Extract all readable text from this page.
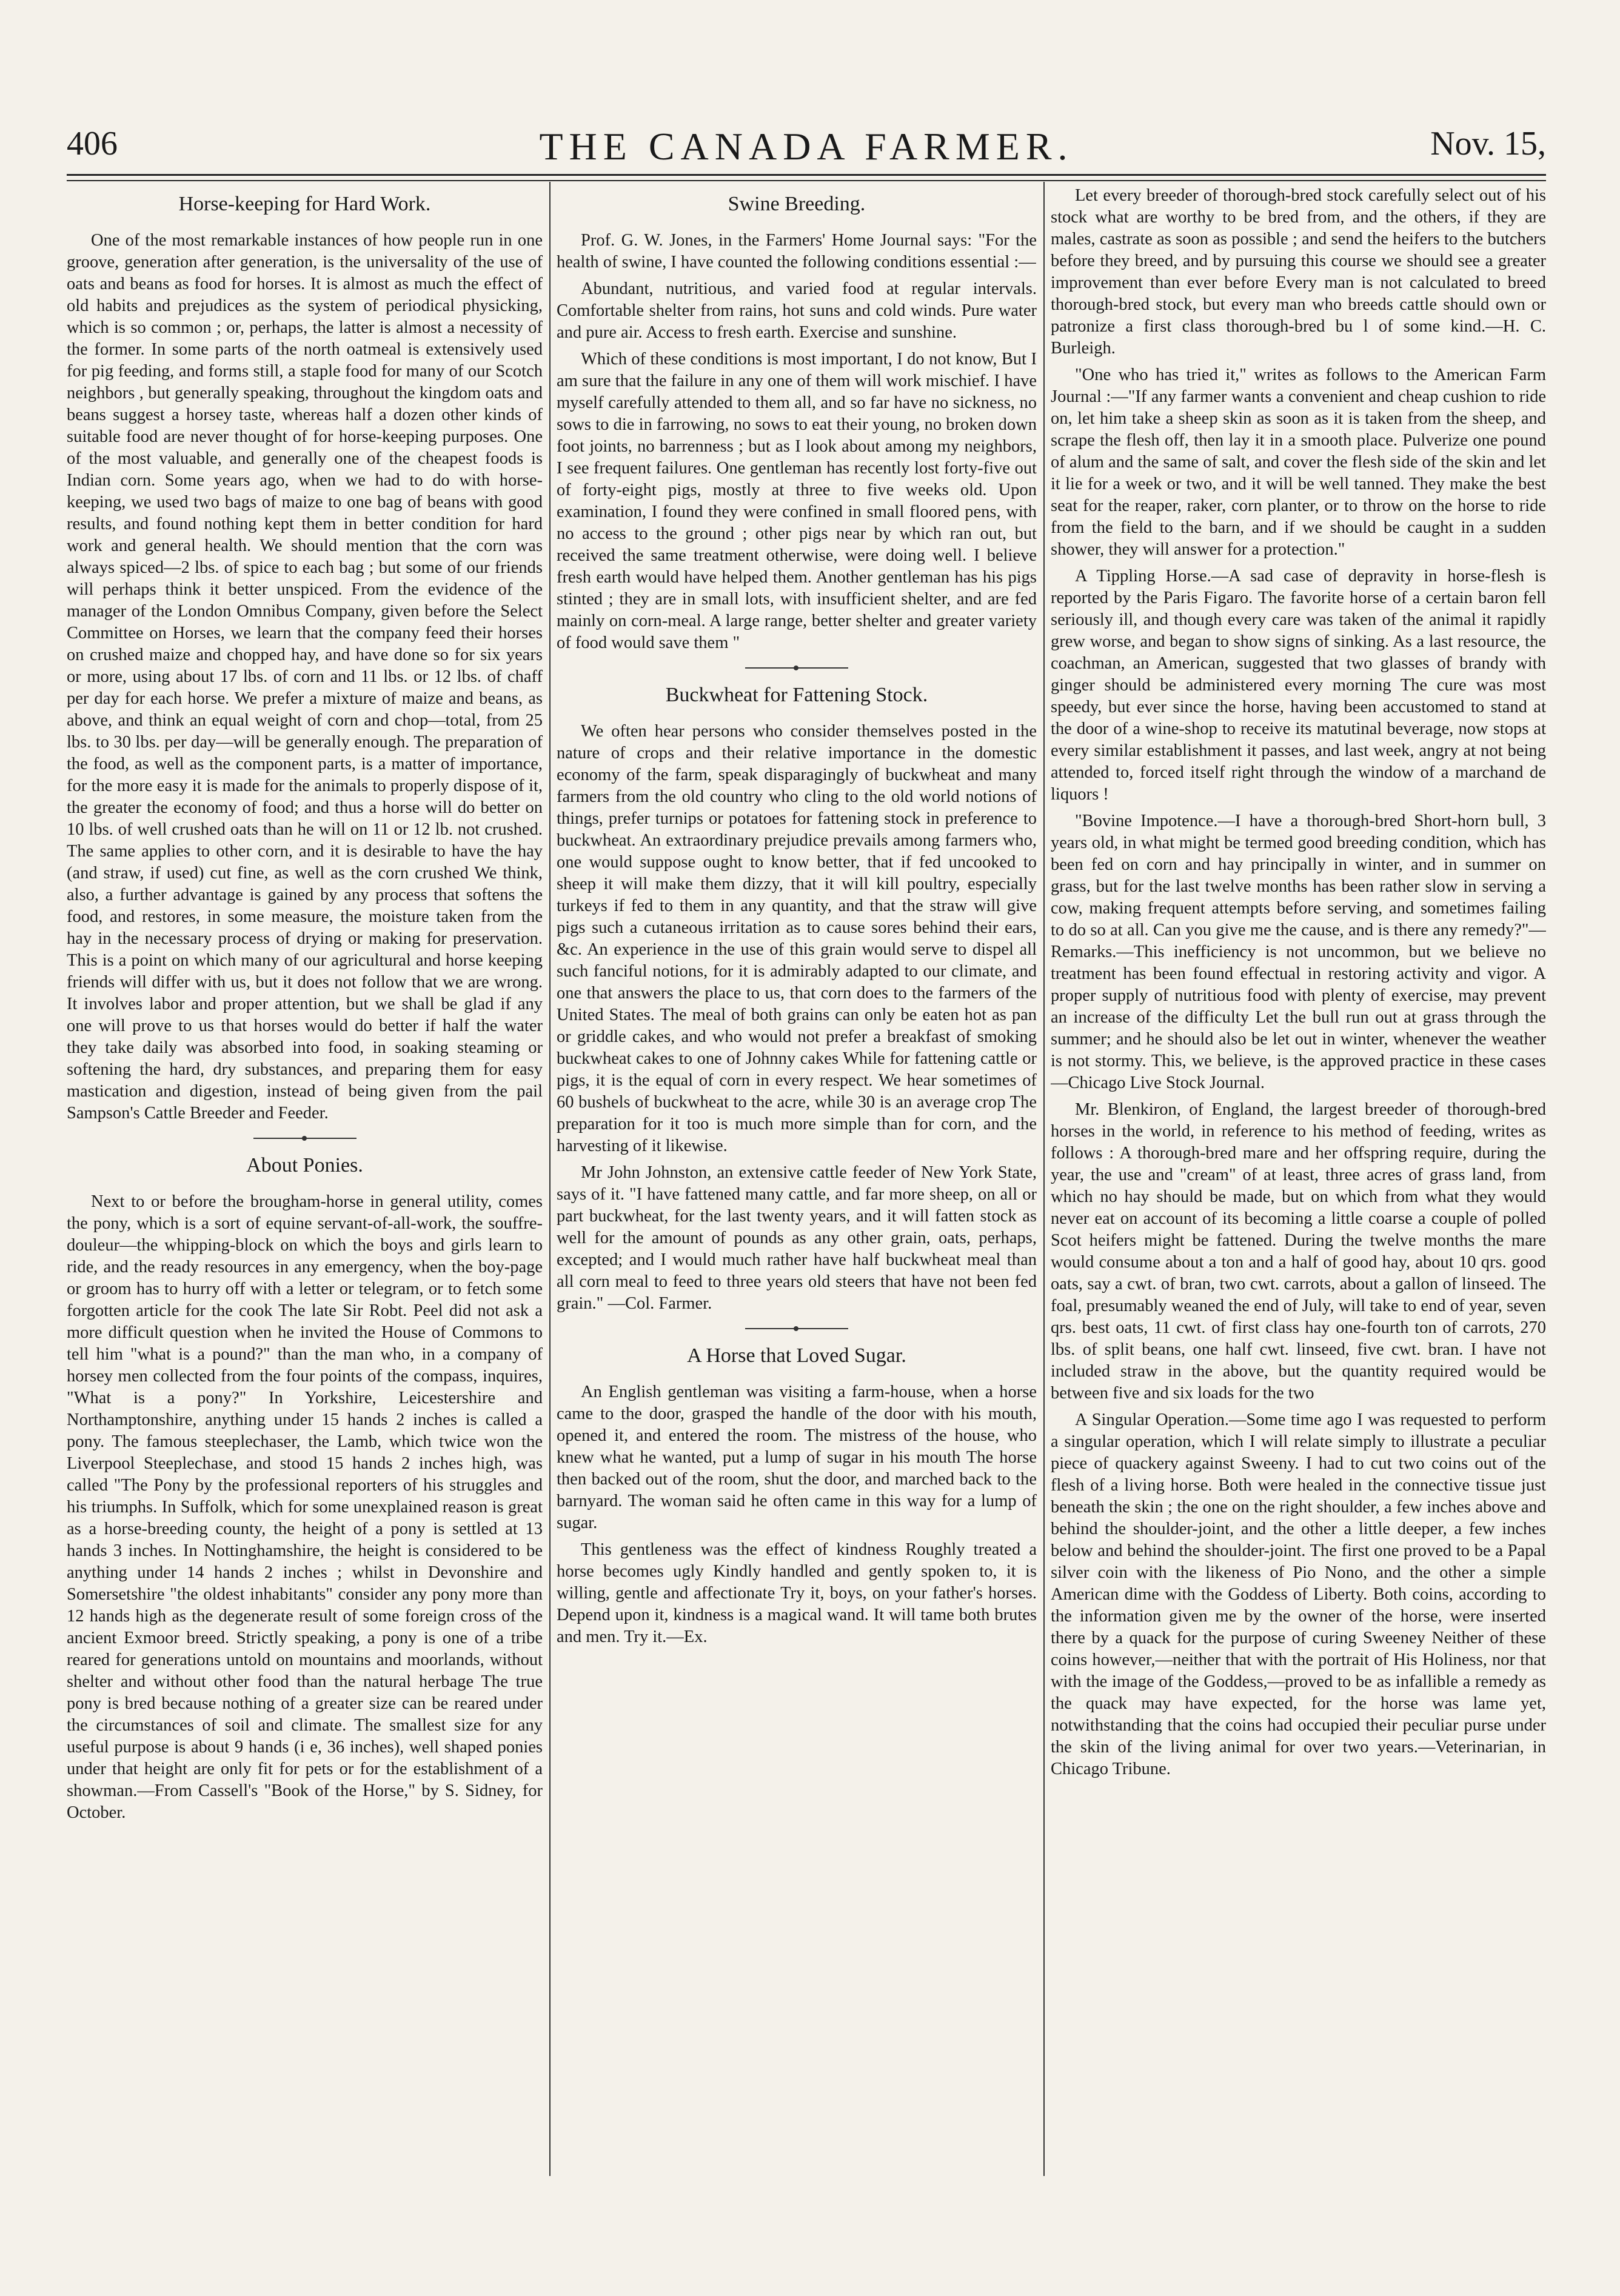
406	THE CANADA FARMER.	Nov. 15,
Horse-keeping for Hard Work.

One of the most remarkable instances of how people run in one groove, generation after generation, is the universality of the use of oats and beans as food for horses. It is almost as much the effect of old habits and prejudices as the system of periodical physicking, which is so common ; or, perhaps, the latter is almost a necessity of the former. In some parts of the north oatmeal is extensively used for pig feeding, and forms still, a staple food for many of our Scotch neighbors , but generally speaking, throughout the kingdom oats and beans suggest a horsey taste, whereas half a dozen other kinds of suitable food are never thought of for horse-keeping purposes. One of the most valuable, and generally one of the cheapest foods is Indian corn. Some years ago, when we had to do with horse-keeping, we used two bags of maize to one bag of beans with good results, and found nothing kept them in better condition for hard work and general health. We should mention that the corn was always spiced—2 lbs. of spice to each bag ; but some of our friends will perhaps think it better unspiced. From the evidence of the manager of the London Omnibus Company, given before the Select Committee on Horses, we learn that the company feed their horses on crushed maize and chopped hay, and have done so for six years or more, using about 17 lbs. of corn and 11 lbs. or 12 lbs. of chaff per day for each horse. We prefer a mixture of maize and beans, as above, and think an equal weight of corn and chop—total, from 25 lbs. to 30 lbs. per day—will be generally enough. The preparation of the food, as well as the component parts, is a matter of importance, for the more easy it is made for the animals to properly dispose of it, the greater the economy of food; and thus a horse will do better on 10 lbs. of well crushed oats than he will on 11 or 12 lb. not crushed. The same applies to other corn, and it is desirable to have the hay (and straw, if used) cut fine, as well as the corn crushed We think, also, a further advantage is gained by any process that softens the food, and restores, in some measure, the moisture taken from the hay in the necessary process of drying or making for preservation. This is a point on which many of our agricultural and horse keeping friends will differ with us, but it does not follow that we are wrong. It involves labor and proper attention, but we shall be glad if any one will prove to us that horses would do better if half the water they take daily was absorbed into food, in soaking steaming or softening the hard, dry substances, and preparing them for easy mastication and digestion, instead of being given from the pail Sampson's Cattle Breeder and Feeder.

About Ponies.

Next to or before the brougham-horse in general utility, comes the pony, which is a sort of equine servant-of-all-work, the souffre-douleur—the whipping-block on which the boys and girls learn to ride, and the ready resources in any emergency, when the boy-page or groom has to hurry off with a letter or telegram, or to fetch some forgotten article for the cook The late Sir Robt. Peel did not ask a more difficult question when he invited the House of Commons to tell him "what is a pound?" than the man who, in a company of horsey men collected from the four points of the compass, inquires, "What is a pony?" In Yorkshire, Leicestershire and Northamptonshire, anything under 15 hands 2 inches is called a pony. The famous steeplechaser, the Lamb, which twice won the Liverpool Steeplechase, and stood 15 hands 2 inches high, was called "The Pony by the professional reporters of his struggles and his triumphs. In Suffolk, which for some unexplained reason is great as a horse-breeding county, the height of a pony is settled at 13 hands 3 inches. In Nottinghamshire, the height is considered to be anything under 14 hands 2 inches ; whilst in Devonshire and Somersetshire "the oldest inhabitants" consider any pony more than 12 hands high as the degenerate result of some foreign cross of the ancient Exmoor breed. Strictly speaking, a pony is one of a tribe reared for generations untold on mountains and moorlands, without shelter and without other food than the natural herbage The true pony is bred because nothing of a greater size can be reared under the circumstances of soil and climate. The smallest size for any useful purpose is about 9 hands (i e, 36 inches), well shaped ponies under that height are only fit for pets or for the establishment of a showman.—From Cassell's "Book of the Horse," by S. Sidney, for October.

Swine Breeding.

Prof. G. W. Jones, in the Farmers' Home Journal says: "For the health of swine, I have counted the following conditions essential :—

Abundant, nutritious, and varied food at regular intervals. Comfortable shelter from rains, hot suns and cold winds. Pure water and pure air. Access to fresh earth. Exercise and sunshine.

Which of these conditions is most important, I do not know, But I am sure that the failure in any one of them will work mischief. I have myself carefully attended to them all, and so far have no sickness, no sows to die in farrowing, no sows to eat their young, no broken down foot joints, no barrenness ; but as I look about among my neighbors, I see frequent failures. One gentleman has recently lost forty-five out of forty-eight pigs, mostly at three to five weeks old. Upon examination, I found they were confined in small floored pens, with no access to the ground ; other pigs near by which ran out, but received the same treatment otherwise, were doing well. I believe fresh earth would have helped them. Another gentleman has his pigs stinted ; they are in small lots, with insufficient shelter, and are fed mainly on corn-meal. A large range, better shelter and greater variety of food would save them "

Buckwheat for Fattening Stock.

We often hear persons who consider themselves posted in the nature of crops and their relative importance in the domestic economy of the farm, speak disparagingly of buckwheat and many farmers from the old country who cling to the old world notions of things, prefer turnips or potatoes for fattening stock in preference to buckwheat. An extraordinary prejudice prevails among farmers who, one would suppose ought to know better, that if fed uncooked to sheep it will make them dizzy, that it will kill poultry, especially turkeys if fed to them in any quantity, and that the straw will give pigs such a cutaneous irritation as to cause sores behind their ears, &c. An experience in the use of this grain would serve to dispel all such fanciful notions, for it is admirably adapted to our climate, and one that answers the place to us, that corn does to the farmers of the United States. The meal of both grains can only be eaten hot as pan or griddle cakes, and who would not prefer a breakfast of smoking buckwheat cakes to one of Johnny cakes While for fattening cattle or pigs, it is the equal of corn in every respect. We hear sometimes of 60 bushels of buckwheat to the acre, while 30 is an average crop The preparation for it too is much more simple than for corn, and the harvesting of it likewise.

Mr John Johnston, an extensive cattle feeder of New York State, says of it. "I have fattened many cattle, and far more sheep, on all or part buckwheat, for the last twenty years, and it will fatten stock as well for the amount of pounds as any other grain, oats, perhaps, excepted; and I would much rather have half buckwheat meal than all corn meal to feed to three years old steers that have not been fed grain." —Col. Farmer.

A Horse that Loved Sugar.

An English gentleman was visiting a farm-house, when a horse came to the door, grasped the handle of the door with his mouth, opened it, and entered the room. The mistress of the house, who knew what he wanted, put a lump of sugar in his mouth The horse then backed out of the room, shut the door, and marched back to the barnyard. The woman said he often came in this way for a lump of sugar.

This gentleness was the effect of kindness Roughly treated a horse becomes ugly Kindly handled and gently spoken to, it is willing, gentle and affectionate Try it, boys, on your father's horses. Depend upon it, kindness is a magical wand. It will tame both brutes and men. Try it.—Ex.

Let every breeder of thorough-bred stock carefully select out of his stock what are worthy to be bred from, and the others, if they are males, castrate as soon as possible ; and send the heifers to the butchers before they breed, and by pursuing this course we should see a greater improvement than ever before Every man is not calculated to breed thorough-bred stock, but every man who breeds cattle should own or patronize a first class thorough-bred bu l of some kind.—H. C. Burleigh.

"One who has tried it," writes as follows to the American Farm Journal :—"If any farmer wants a convenient and cheap cushion to ride on, let him take a sheep skin as soon as it is taken from the sheep, and scrape the flesh off, then lay it in a smooth place. Pulverize one pound of alum and the same of salt, and cover the flesh side of the skin and let it lie for a week or two, and it will be well tanned. They make the best seat for the reaper, raker, corn planter, or to throw on the horse to ride from the field to the barn, and if we should be caught in a sudden shower, they will answer for a protection."

A Tippling Horse.—A sad case of depravity in horse-flesh is reported by the Paris Figaro. The favorite horse of a certain baron fell seriously ill, and though every care was taken of the animal it rapidly grew worse, and began to show signs of sinking. As a last resource, the coachman, an American, suggested that two glasses of brandy with ginger should be administered every morning The cure was most speedy, but ever since the horse, having been accustomed to stand at the door of a wine-shop to receive its matutinal beverage, now stops at every similar establishment it passes, and last week, angry at not being attended to, forced itself right through the window of a marchand de liquors !

"Bovine Impotence.—I have a thorough-bred Short-horn bull, 3 years old, in what might be termed good breeding condition, which has been fed on corn and hay principally in winter, and in summer on grass, but for the last twelve months has been rather slow in serving a cow, making frequent attempts before serving, and sometimes failing to do so at all. Can you give me the cause, and is there any remedy?"—Remarks.—This inefficiency is not uncommon, but we believe no treatment has been found effectual in restoring activity and vigor. A proper supply of nutritious food with plenty of exercise, may prevent an increase of the difficulty Let the bull run out at grass through the summer; and he should also be let out in winter, whenever the weather is not stormy. This, we believe, is the approved practice in these cases —Chicago Live Stock Journal.

Mr. Blenkiron, of England, the largest breeder of thorough-bred horses in the world, in reference to his method of feeding, writes as follows : A thorough-bred mare and her offspring require, during the year, the use and "cream" of at least, three acres of grass land, from which no hay should be made, but on which from what they would never eat on account of its becoming a little coarse a couple of polled Scot heifers might be fattened. During the twelve months the mare would consume about a ton and a half of good hay, about 10 qrs. good oats, say a cwt. of bran, two cwt. carrots, about a gallon of linseed. The foal, presumably weaned the end of July, will take to end of year, seven qrs. best oats, 11 cwt. of first class hay one-fourth ton of carrots, 270 lbs. of split beans, one half cwt. linseed, five cwt. bran. I have not included straw in the above, but the quantity required would be between five and six loads for the two

A Singular Operation.—Some time ago I was requested to perform a singular operation, which I will relate simply to illustrate a peculiar piece of quackery against Sweeny. I had to cut two coins out of the flesh of a living horse. Both were healed in the connective tissue just beneath the skin ; the one on the right shoulder, a few inches above and behind the shoulder-joint, and the other a little deeper, a few inches below and behind the shoulder-joint. The first one proved to be a Papal silver coin with the likeness of Pio Nono, and the other a simple American dime with the Goddess of Liberty. Both coins, according to the information given me by the owner of the horse, were inserted there by a quack for the purpose of curing Sweeney Neither of these coins however,—neither that with the portrait of His Holiness, nor that with the image of the Goddess,—proved to be as infallible a remedy as the quack may have expected, for the horse was lame yet, notwithstanding that the coins had occupied their peculiar purse under the skin of the living animal for over two years.—Veterinarian, in Chicago Tribune.
